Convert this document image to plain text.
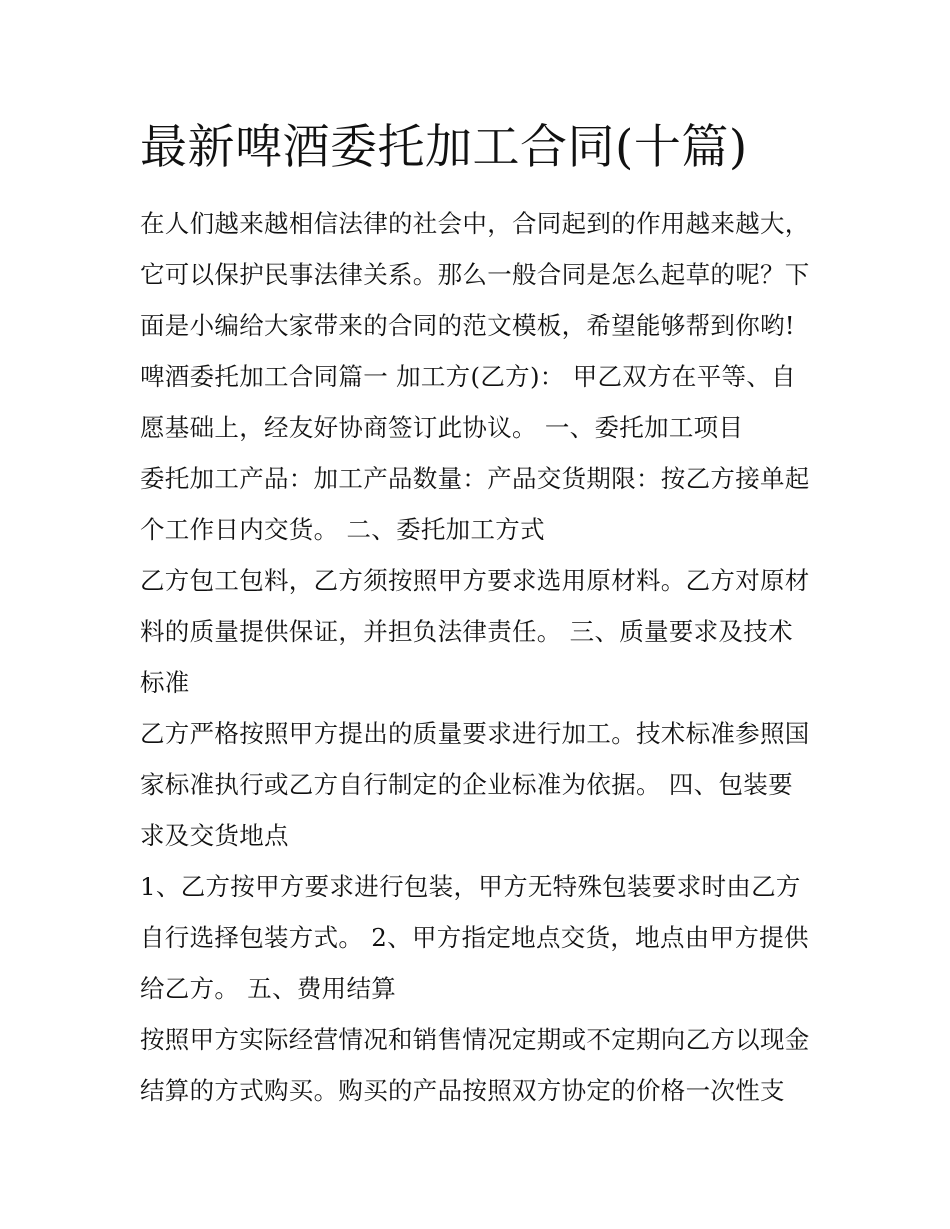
最新啤酒委托加工合同(十篇)
在人们越来越相信法律的社会中，合同起到的作用越来越大，
它可以保护民事法律关系。那么一般合同是怎么起草的呢？下
面是小编给大家带来的合同的范文模板，希望能够帮到你哟!
啤酒委托加工合同篇一 加工方(乙方)： 甲乙双方在平等、自
愿基础上，经友好协商签订此协议。 一、委托加工项目
委托加工产品：加工产品数量：产品交货期限：按乙方接单起
个工作日内交货。 二、委托加工方式
乙方包工包料，乙方须按照甲方要求选用原材料。乙方对原材
料的质量提供保证，并担负法律责任。 三、质量要求及技术
标准
乙方严格按照甲方提出的质量要求进行加工。技术标准参照国
家标准执行或乙方自行制定的企业标准为依据。 四、包装要
求及交货地点
1、乙方按甲方要求进行包装，甲方无特殊包装要求时由乙方
自行选择包装方式。 2、甲方指定地点交货，地点由甲方提供
给乙方。 五、费用结算
按照甲方实际经营情况和销售情况定期或不定期向乙方以现金
结算的方式购买。购买的产品按照双方协定的价格一次性支
